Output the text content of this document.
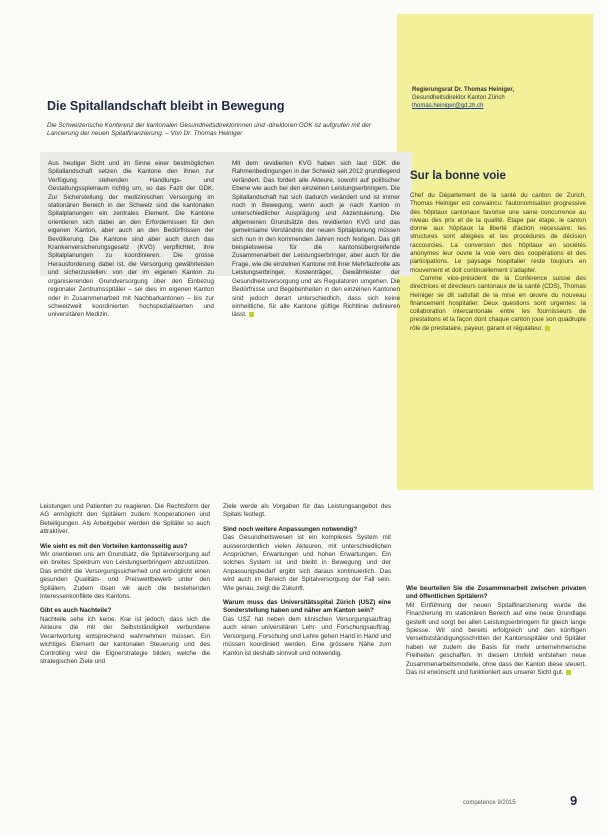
Regierungsrat Dr. Thomas Heiniger,
Gesundheitsdirektor Kanton Zürich
thomas.heiniger@gd.zh.ch
Die Spitallandschaft bleibt in Bewegung
Die Schweizerische Konferenz der kantonalen Gesundheitsdirektorinnen und -direktoren GDK ist aufgrufen mit der Lancierung der neuen Spitalfinanzierung. – Von Dr. Thomas Heiniger

Aus heutiger Sicht und im Sinne einer bestmöglichen Spitallandschaft setzen die Kantone den ihnen zur Verfügung stehenden Handlungs- und Gestaltungsspielraum richtig um, so das Fazit der GDK. Zur Sicherstellung der medizinischen Versorgung im stationären Bereich in der Schweiz sind die kantonalen Spitalplanungen ein zentrales Element. Die Kantone orientieren sich dabei an den Erfordernissen für den eigenen Kanton, aber auch an den Bedürfnissen der Bevölkerung. Die Kantone sind aber auch durch das Krankenversicherungsgesetz (KVG) verpflichtet, ihre Spitalplanungen zu koordinieren. Die grosse Herausforderung dabei ist, die Versorgung gewährleisten und sicherzustellen: von der im eigenen Kanton zu organisierenden Grundversorgung über den Einbezug regionaler Zentrumsspitäler – sei dies im eigenen Kanton oder in Zusammenarbeit mit Nachbarkantonen – bis zur schweizweit koordinierten hochspezialisierten und universitären Medizin.

Mit dem revidierten KVG haben sich laut GDK die Rahmenbedingungen in der Schweiz seit 2012 grundlegend verändert. Das fordert alle Akteure, sowohl auf politischer Ebene wie auch bei den einzelnen Leistungserbringern. Die Spitallandschaft hat sich dadurch verändert und ist immer noch in Bewegung, wenn auch je nach Kanton in unterschiedlicher Ausprägung und Akzentuierung. Die allgemeinen Grundsätze des revidierten KVG und das gemeinsame Verständnis der neuen Spitalplanung müssen sich nun in den kommenden Jahren noch festigen. Das gilt beispielsweise für die kantonsübergreifende Zusammenarbeit der Leistungserbringer, aber auch für die Frage, wie die einzelnen Kantone mit ihrer Mehrfachrolle als Leistungserbringer, Kostenträger, Gewährleister der Gesundheitsversorgung und als Regulatoren umgehen. Die Bedürfnisse und Begebenheiten in den einzelnen Kantonen sind jedoch derart unterschiedlich, dass sich keine einheitliche, für alle Kantone gültige Richtlinie definieren lässt.

Leistungen und Patienten zu reagieren. Die Rechtsform der AG ermöglicht den Spitälern zudem Kooperationen und Beteiligungen. Als Arbeitgeber werden die Spitäler so auch attraktiver.

Wie sieht es mit den Vorteilen kantonsseitig aus?

Wir orientieren uns am Grundsatz, die Spitalversorgung auf ein breites Spektrum von Leistungserbringern abzustützen. Das erhöht die Versorgungssicherheit und ermöglicht einen gesunden Qualitäts- und Preiswettbewerb unter den Spitälern. Zudem lösen wir auch die bestehenden Interessenkonflikte des Kantons.

Gibt es auch Nachteile?

Nachteile sehe ich keine. Klar ist jedoch, dass sich die Akteure die mit der Selbstständigkeit verbundene Verantwortung entsprechend wahrnehmen müssen. Ein wichtiges Element der kantonalen Steuerung und des Controlling wird die Eignerstrategie bilden, welche die strategischen Ziele und

Ziele werde als Vorgaben für das Leistungsangebot des Spitals festlegt.

Sind noch weitere Anpassungen notwendig?

Das Gesundheitswesen ist ein komplexes System mit ausserordentlich vielen Akteuren, mit unterschiedlichen Ansprüchen, Erwartungen und hohen Erwartungen. Ein solches System ist und bleibt in Bewegung und der Anpassungsbedarf ergibt sich daraus kontinuierlich. Das wird auch im Bereich der Spitalversorgung der Fall sein. Wie genau, zeigt die Zukunft.

Warum muss das Universitätsspital Zürich (USZ) eine Sonderstellung haben und näher am Kanton sein?

Das USZ hat neben dem klinischen Versorgungsauftrag auch einen universitären Lehr- und Forschungsauftrag. Versorgung, Forschung und Lehre gehen Hand in Hand und müssen koordiniert werden. Eine grössere Nähe zum Kanton ist deshalb sinnvoll und notwendig.

Sur la bonne voie

Chef du Département de la santé du canton de Zurich, Thomas Heiniger est convaincu: l'autonomisation progressive des hôpitaux cantonaux favorise une saine concurrence au niveau des prix et de la qualité. Etape par étape, le canton donne aux hôpitaux la liberté d'action nécessaire; les structures sont allégées et les procédures de décision raccourcies. La conversion des hôpitaux en sociétés anonymes leur ouvre la voie vers des coopérations et des participations. Le paysage hospitalier reste toujours en mouvement et doit continuellement s'adapter.

Comme vice-président de la Conférence suisse des directrices et directeurs cantonaux de la santé (CDS), Thomas Heiniger se dit satisfait de la mise en œuvre du nouveau financement hospitalier. Deux questions sont urgentes: la collaboration intercantonale entre les fournisseurs de prestations et la façon dont chaque canton joue son quadruple rôle de prestataire, payeur, garant et régulateur.

Wie beurteilen Sie die Zusammenarbeit zwischen privaten und öffentlichen Spitälern?

Mit Einführung der neuen Spitalfinanzierung wurde die Finanzierung im stationären Bereich auf eine neue Grundlage gestellt und sorgt bei allen Leistungserbringern für gleich lange Spiesse. Wir sind bereits erfolgreich und den künftigen Verselbstständigungsschritten der Kantonsspitäler und Spitäler haben wir zudem die Basis für mehr unternehmerische Freiheiten geschaffen. In diesem Umfeld entstehen neue Zusammenarbeitsmodelle, ohne dass der Kanton diese steuert. Das ist erwünscht und funktioniert aus unserer Sicht gut.

competence 9/2015	9
